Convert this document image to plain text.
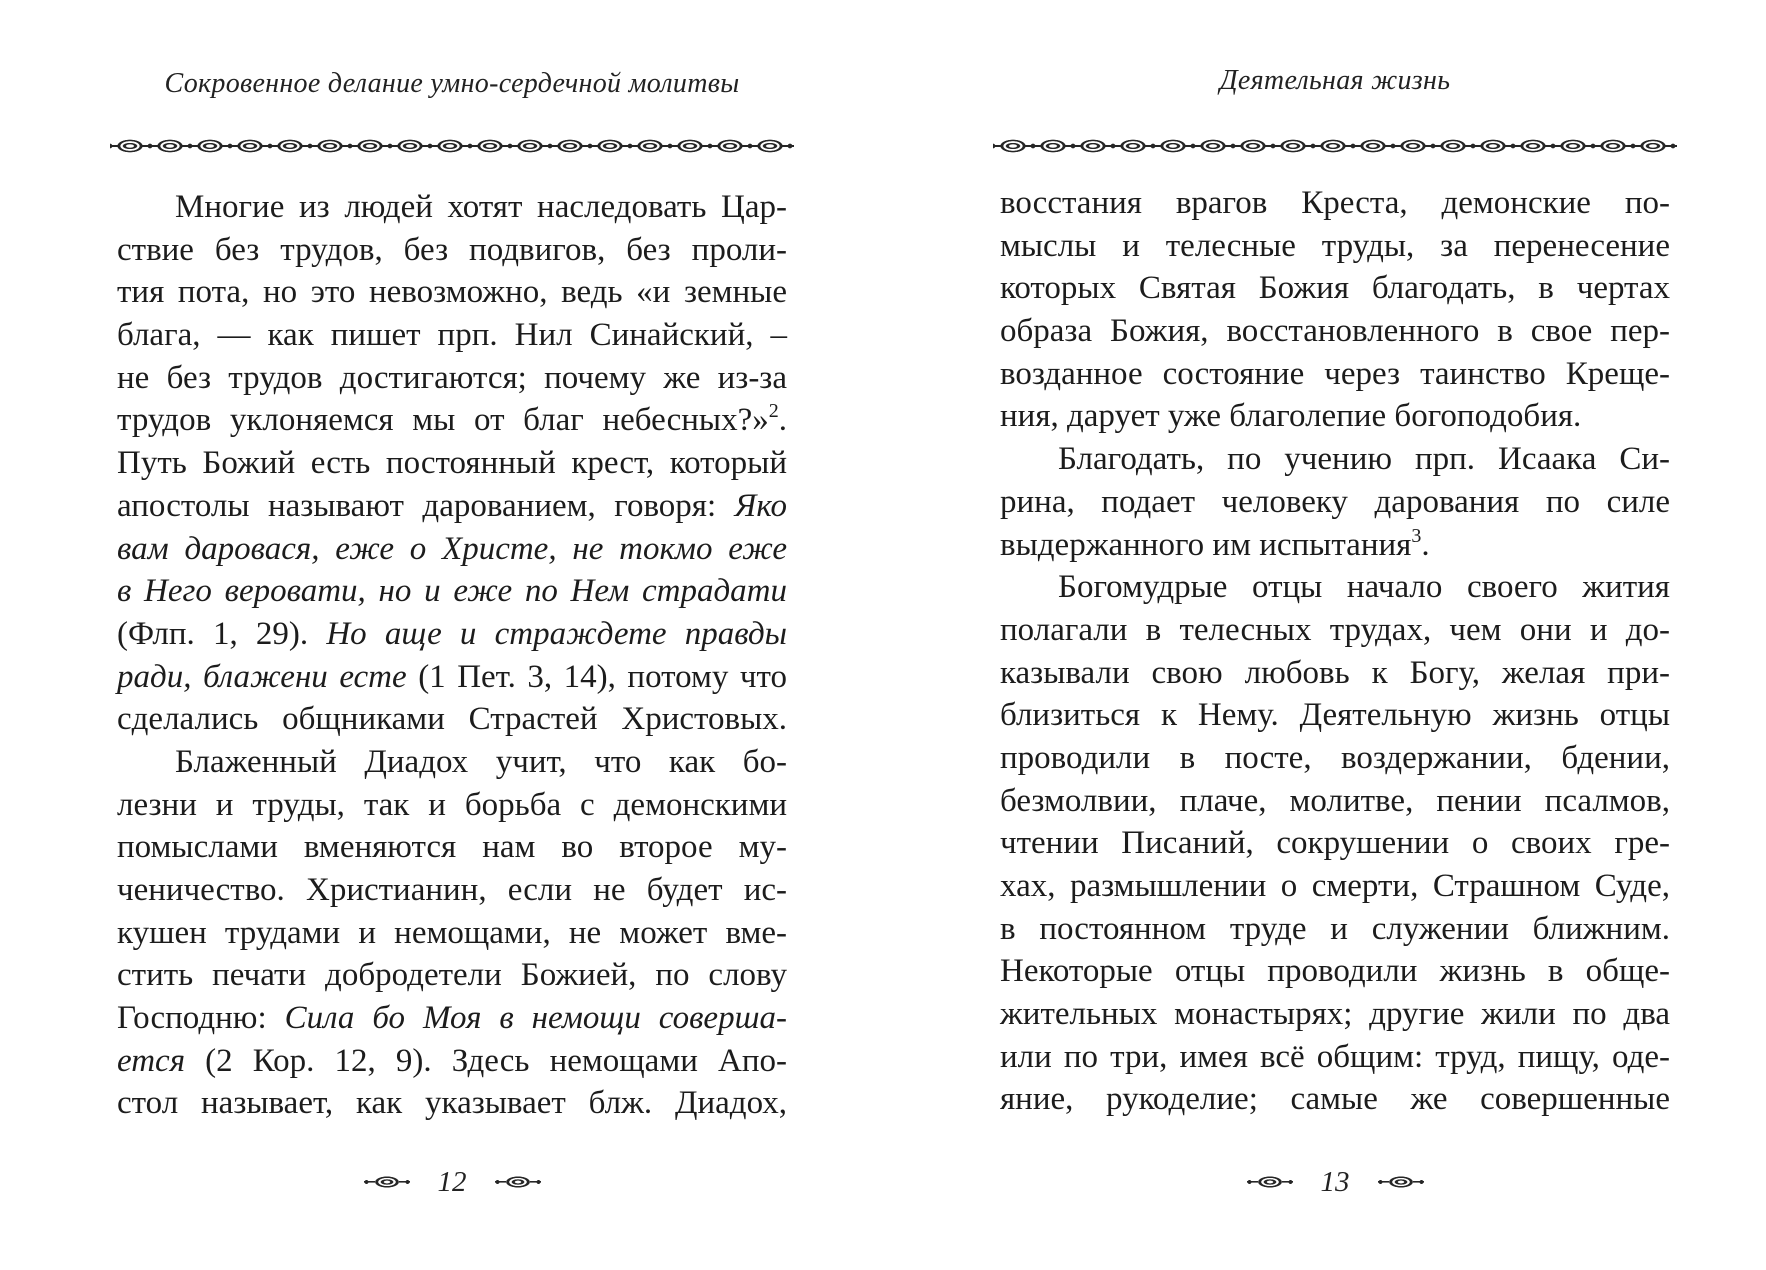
Сокровенное делание умно-сердечной молитвы
Многие из людей хотят наследовать Цар-
ствие без трудов, без подвигов, без проли-
тия пота, но это невозможно, ведь «и земные
блага, — как пишет прп. Нил Синайский, –
не без трудов достигаются; почему же из-за
трудов уклоняемся мы от благ небесных?»$^2$.
Путь Божий есть постоянный крест, который
апостолы называют дарованием, говоря: Яко
вам даровася, еже о Христе, не токмо еже
в Него веровати, но и еже по Нем страдати
(Флп. 1, 29). Но аще и страждете правды
ради, блажени есте (1 Пет. 3, 14), потому что
сделались общниками Страстей Христовых.
Блаженный Диадох учит, что как бо-
лезни и труды, так и борьба с демонскими
помыслами вменяются нам во второе му-
ченичество. Христианин, если не будет ис-
кушен трудами и немощами, не может вме-
стить печати добродетели Божией, по слову
Господню: Сила бо Моя в немощи соверша-
ется (2 Кор. 12, 9). Здесь немощами Апо-
стол называет, как указывает блж. Диадох,
12
Деятельная жизнь
восстания врагов Креста, демонские по-
мыслы и телесные труды, за перенесение
которых Святая Божия благодать, в чертах
образа Божия, восстановленного в свое пер-
возданное состояние через таинство Креще-
ния, дарует уже благолепие богоподобия.
Благодать, по учению прп. Исаака Си-
рина, подает человеку дарования по силе
выдержанного им испытания$^3$.
Богомудрые отцы начало своего жития
полагали в телесных трудах, чем они и до-
казывали свою любовь к Богу, желая при-
близиться к Нему. Деятельную жизнь отцы
проводили в посте, воздержании, бдении,
безмолвии, плаче, молитве, пении псалмов,
чтении Писаний, сокрушении о своих гре-
хах, размышлении о смерти, Страшном Суде,
в постоянном труде и служении ближним.
Некоторые отцы проводили жизнь в обще-
жительных монастырях; другие жили по два
или по три, имея всё общим: труд, пищу, оде-
яние, рукоделие; самые же совершенные
13
